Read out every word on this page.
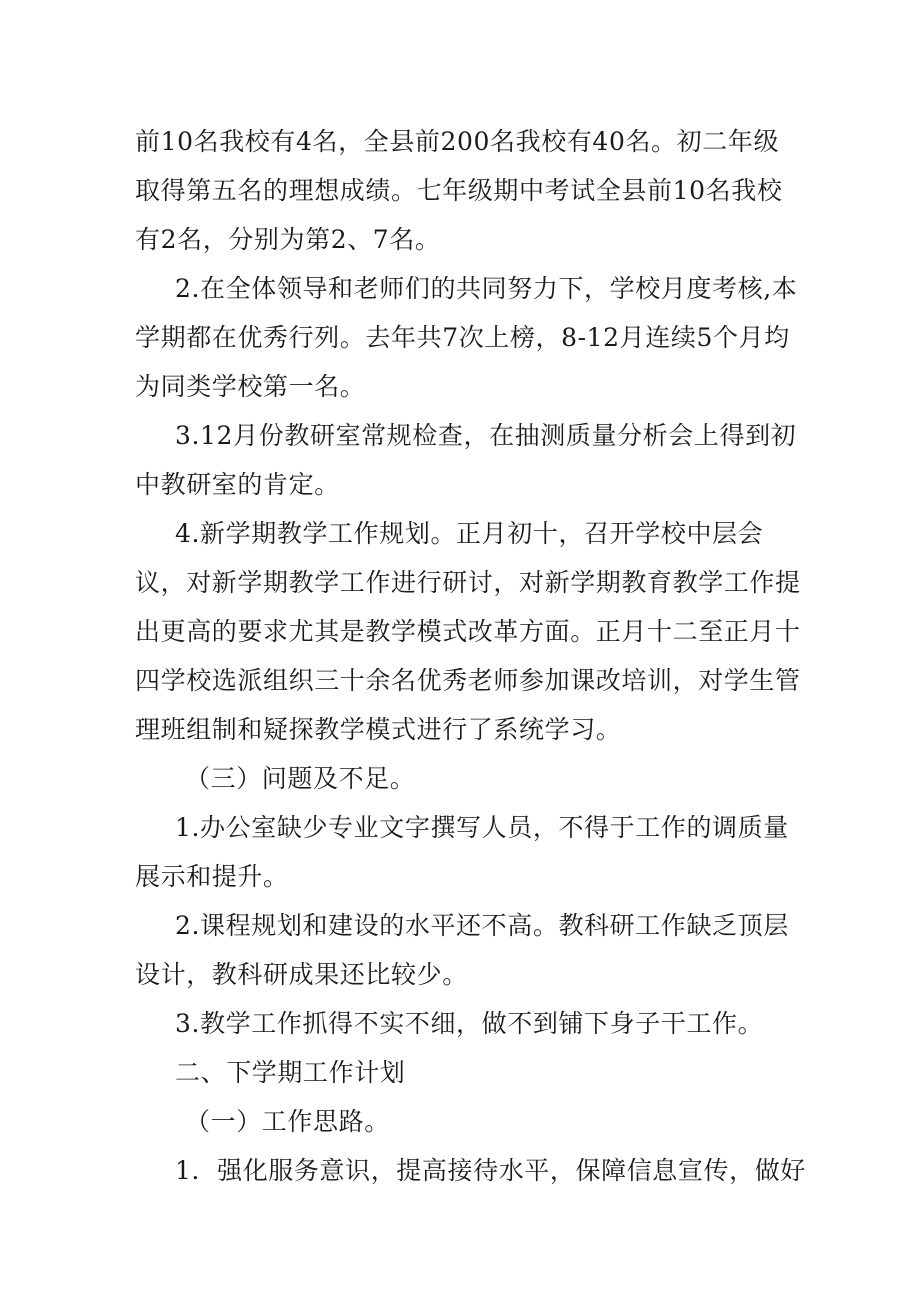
前10名我校有4名，全县前200名我校有40名。初二年级
取得第五名的理想成绩。七年级期中考试全县前10名我校
有2名，分别为第2、7名。
2.在全体领导和老师们的共同努力下，学校月度考核,本
学期都在优秀行列。去年共7次上榜，8-12月连续5个月均
为同类学校第一名。
3.12月份教研室常规检查，在抽测质量分析会上得到初
中教研室的肯定。
4.新学期教学工作规划。正月初十，召开学校中层会
议，对新学期教学工作进行研讨，对新学期教育教学工作提
出更高的要求尤其是教学模式改革方面。正月十二至正月十
四学校选派组织三十余名优秀老师参加课改培训，对学生管
理班组制和疑探教学模式进行了系统学习。
（三）问题及不足。
1.办公室缺少专业文字撰写人员，不得于工作的调质量
展示和提升。
2.课程规划和建设的水平还不高。教科研工作缺乏顶层
设计，教科研成果还比较少。
3.教学工作抓得不实不细，做不到铺下身子干工作。
二、下学期工作计划
（一）工作思路。
1．强化服务意识，提高接待水平，保障信息宣传，做好
